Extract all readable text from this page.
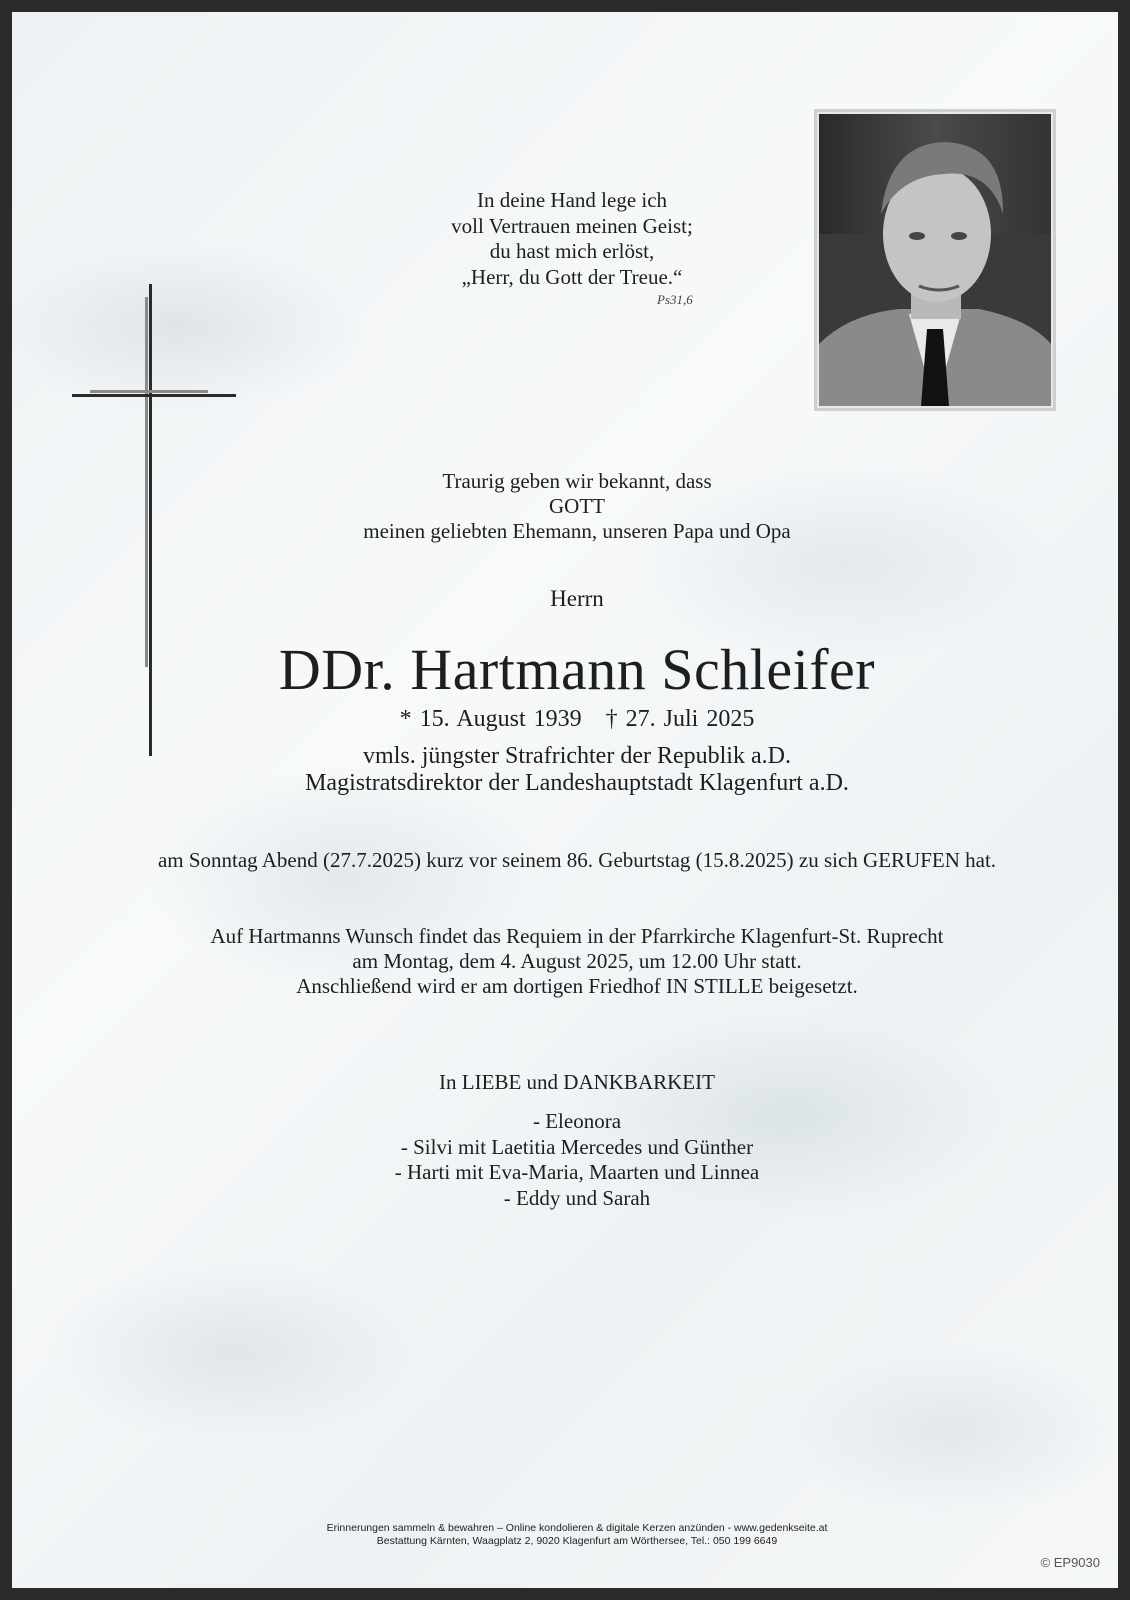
In deine Hand lege ich
voll Vertrauen meinen Geist;
du hast mich erlöst,
„Herr, du Gott der Treue.“
Ps31,6
Traurig geben wir bekannt, dass
GOTT
meinen geliebten Ehemann, unseren Papa und Opa
Herrn
DDr. Hartmann Schleifer
* 15. August 1939   † 27. Juli 2025
vmls. jüngster Strafrichter der Republik a.D.
Magistratsdirektor der Landeshauptstadt Klagenfurt a.D.
am Sonntag Abend (27.7.2025) kurz vor seinem 86. Geburtstag (15.8.2025) zu sich GERUFEN hat.
Auf Hartmanns Wunsch findet das Requiem in der Pfarrkirche Klagenfurt-St. Ruprecht
am Montag, dem 4. August 2025, um 12.00 Uhr statt.
Anschließend wird er am dortigen Friedhof IN STILLE beigesetzt.
In LIEBE und DANKBARKEIT
- Eleonora
- Silvi mit Laetitia Mercedes und Günther
- Harti mit Eva-Maria, Maarten und Linnea
- Eddy und Sarah
Erinnerungen sammeln & bewahren – Online kondolieren & digitale Kerzen anzünden - www.gedenkseite.at
Bestattung Kärnten, Waagplatz 2, 9020 Klagenfurt am Wörthersee, Tel.: 050 199 6649
© EP9030
